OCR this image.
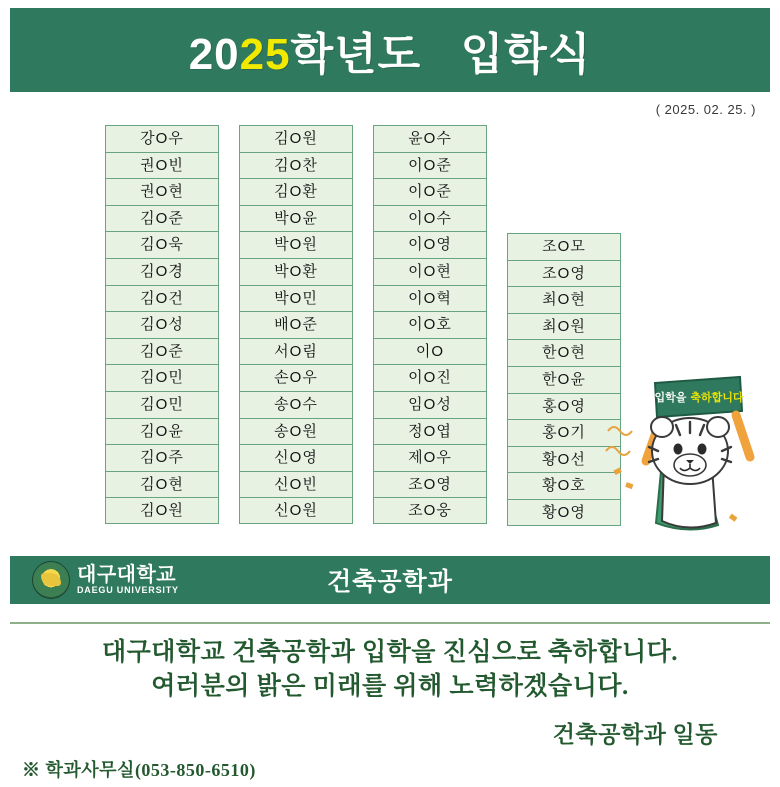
2025학년도 입학식
( 2025. 02. 25. )
강O우
권O빈
권O현
김O준
김O욱
김O경
김O건
김O성
김O준
김O민
김O민
김O윤
김O주
김O현
김O원
김O원
김O찬
김O환
박O윤
박O원
박O환
박O민
배O준
서O림
손O우
송O수
송O원
신O영
신O빈
신O원
윤O수
이O준
이O준
이O수
이O영
이O현
이O혁
이O호
이O
이O진
임O성
정O엽
제O우
조O영
조O웅
조O모
조O영
최O현
최O원
한O현
한O윤
홍O영
홍O기
황O선
황O호
황O영
입학을 축하합니다
대구대학교
DAEGU UNIVERSITY	건축공학과
대구대학교 건축공학과 입학을 진심으로 축하합니다.
여러분의 밝은 미래를 위해 노력하겠습니다.
건축공학과 일동
※ 학과사무실(053-850-6510)
